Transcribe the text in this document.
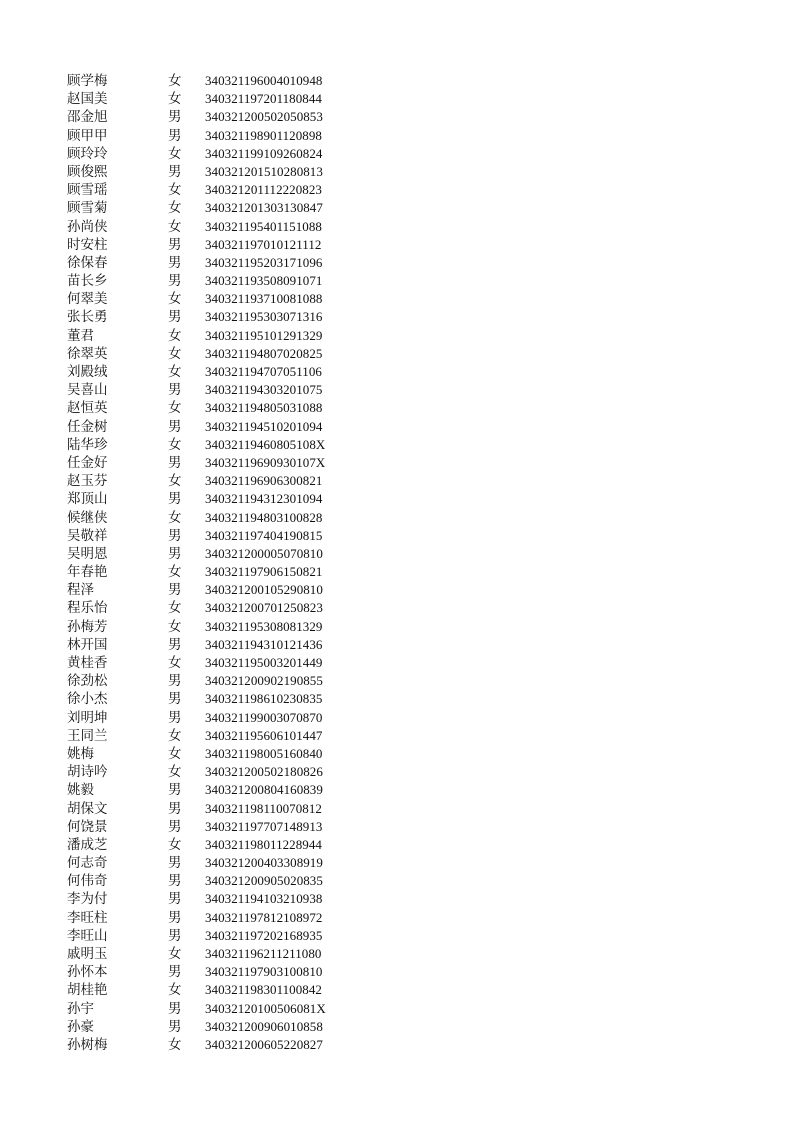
顾学梅	女	340321196004010948
赵国美	女	340321197201180844
邵金旭	男	340321200502050853
顾甲甲	男	340321198901120898
顾玲玲	女	340321199109260824
顾俊熙	男	340321201510280813
顾雪瑶	女	340321201112220823
顾雪菊	女	340321201303130847
孙尚侠	女	340321195401151088
时安柱	男	340321197010121112
徐保春	男	340321195203171096
苗长乡	男	340321193508091071
何翠美	女	340321193710081088
张长勇	男	340321195303071316
董君	女	340321195101291329
徐翠英	女	340321194807020825
刘殿绒	女	340321194707051106
吴喜山	男	340321194303201075
赵恒英	女	340321194805031088
任金树	男	340321194510201094
陆华珍	女	34032119460805108X
任金好	男	34032119690930107X
赵玉芬	女	340321196906300821
郑顶山	男	340321194312301094
候继侠	女	340321194803100828
吴敬祥	男	340321197404190815
吴明恩	男	340321200005070810
年春艳	女	340321197906150821
程泽	男	340321200105290810
程乐怡	女	340321200701250823
孙梅芳	女	340321195308081329
林开国	男	340321194310121436
黄桂香	女	340321195003201449
徐劲松	男	340321200902190855
徐小杰	男	340321198610230835
刘明坤	男	340321199003070870
王同兰	女	340321195606101447
姚梅	女	340321198005160840
胡诗吟	女	340321200502180826
姚毅	男	340321200804160839
胡保文	男	340321198110070812
何饶景	男	340321197707148913
潘成芝	女	340321198011228944
何志奇	男	340321200403308919
何伟奇	男	340321200905020835
李为付	男	340321194103210938
李旺柱	男	340321197812108972
李旺山	男	340321197202168935
戚明玉	女	340321196211211080
孙怀本	男	340321197903100810
胡桂艳	女	340321198301100842
孙宇	男	34032120100506081X
孙豪	男	340321200906010858
孙树梅	女	340321200605220827
